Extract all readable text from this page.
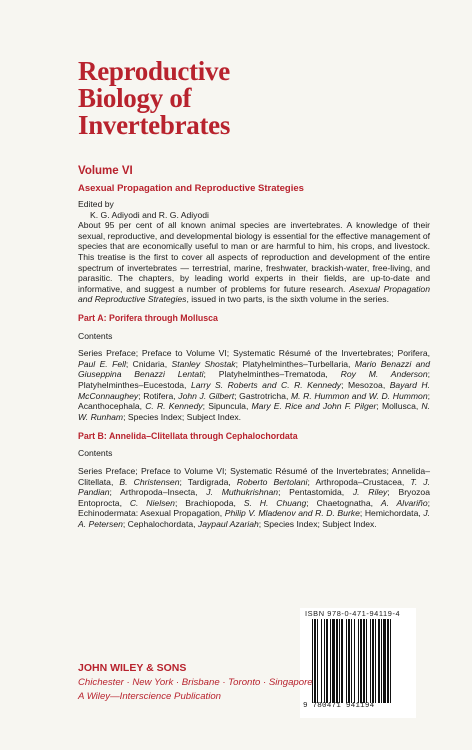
Reproductive
Biology of
Invertebrates
Volume VI
Asexual Propagation and Reproductive Strategies
Edited by
K. G. Adiyodi and R. G. Adiyodi

About 95 per cent of all known animal species are invertebrates. A knowledge of their sexual, reproductive, and developmental biology is essential for the effective management of species that are economically useful to man or are harmful to him, his crops, and livestock. This treatise is the first to cover all aspects of reproduction and development of the entire spectrum of invertebrates — terrestrial, marine, freshwater, brackish-water, free-living, and parasitic. The chapters, by leading world experts in their fields, are up-to-date and informative, and suggest a number of problems for future research. Asexual Propagation and Reproductive Strategies, issued in two parts, is the sixth volume in the series.

Part A: Porifera through Mollusca
Contents

Series Preface; Preface to Volume VI; Systematic Résumé of the Invertebrates; Porifera, Paul E. Fell; Cnidaria, Stanley Shostak; Platyhelminthes–Turbellaria, Mario Benazzi and Giuseppina Benazzi Lentati; Platyhelminthes–Trematoda, Roy M. Anderson; Platyhelminthes–Eucestoda, Larry S. Roberts and C. R. Kennedy; Mesozoa, Bayard H. McConnaughey; Rotifera, John J. Gilbert; Gastrotricha, M. R. Hummon and W. D. Hummon; Acanthocephala, C. R. Kennedy; Sipuncula, Mary E. Rice and John F. Pilger; Mollusca, N. W. Runham; Species Index; Subject Index.

Part B: Annelida–Clitellata through Cephalochordata
Contents

Series Preface; Preface to Volume VI; Systematic Résumé of the Invertebrates; Annelida–Clitellata, B. Christensen; Tardigrada, Roberto Bertolani; Arthropoda–Crustacea, T. J. Pandian; Arthropoda–Insecta, J. Muthukrishnan; Pentastomida, J. Riley; Bryozoa Entoprocta, C. Nielsen; Brachiopoda, S. H. Chuang; Chaetognatha, A. Alvariño; Echinodermata: Asexual Propagation, Philip V. Mladenov and R. D. Burke; Hemichordata, J. A. Petersen; Cephalochordata, Jaypaul Azariah; Species Index; Subject Index.

ISBN 978-0-471-94119-4
9 780471 941194
JOHN WILEY & SONS
Chichester · New York · Brisbane · Toronto · Singapore
A Wiley—Interscience Publication
